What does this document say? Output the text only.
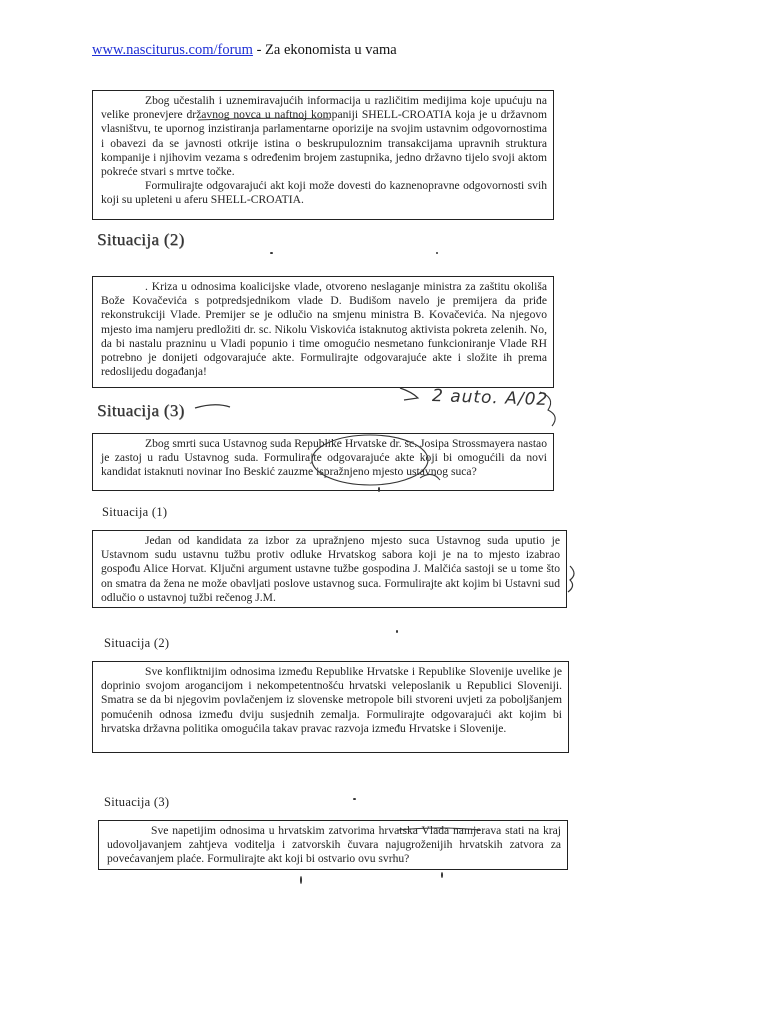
www.nasciturus.com/forum - Za ekonomista u vama

Zbog učestalih i uznemiravajućih informacija u različitim medijima koje upućuju na velike pronevjere državnog novca u naftnoj kompaniji SHELL-CROATIA koja je u državnom vlasništvu, te upornog inzistiranja parlamentarne oporizije na svojim ustavnim odgovornostima i obavezi da se javnosti otkrije istina o beskrupuloznim transakcijama upravnih struktura kompanije i njihovim vezama s određenim brojem zastupnika, jedno državno tijelo svoji aktom pokreće stvari s mrtve točke.

Formulirajte odgovarajući akt koji može dovesti do kaznenopravne odgovornosti svih koji su upleteni u aferu SHELL-CROATIA.

Situacija (2)

. Kriza u odnosima koalicijske vlade, otvoreno neslaganje ministra za zaštitu okoliša Bože Kovačevića s potpredsjednikom vlade D. Budišom navelo je premijera da priđe rekonstrukciji Vlade. Premijer se je odlučio na smjenu ministra B. Kovačevića. Na njegovo mjesto ima namjeru predložiti dr. sc. Nikolu Viskovića istaknutog aktivista pokreta zelenih. No, da bi nastalu prazninu u Vladi popunio i time omogućio nesmetano funkcioniranje Vlade RH potrebno je donijeti odgovarajuće akte. Formulirajte odgovarajuće akte i složite ih prema redoslijedu događanja!

2 auto. A/02
Situacija (3)

Zbog smrti suca Ustavnog suda Republike Hrvatske dr. sc. Josipa Strossmayera nastao je zastoj u radu Ustavnog suda. Formulirajte odgovarajuće akte koji bi omogućili da novi kandidat istaknuti novinar Ino Beskić zauzme ispražnjeno mjesto ustavnog suca?

Situacija (1)

Jedan od kandidata za izbor za upražnjeno mjesto suca Ustavnog suda uputio je Ustavnom sudu ustavnu tužbu protiv odluke Hrvatskog sabora koji je na to mjesto izabrao gospođu Alice Horvat. Ključni argument ustavne tužbe gospodina J. Malčića sastoji se u tome što on smatra da žena ne može obavljati poslove ustavnog suca. Formulirajte akt kojim bi Ustavni sud odlučio o ustavnoj tužbi rečenog J.M.

Situacija (2)

Sve konfliktnijim odnosima između Republike Hrvatske i Republike Slovenije uvelike je doprinio svojom arogancijom i nekompetentnošću hrvatski veleposlanik u Republici Sloveniji. Smatra se da bi njegovim povlačenjem iz slovenske metropole bili stvoreni uvjeti za poboljšanjem pomućenih odnosa između dviju susjednih zemalja. Formulirajte odgovarajući akt kojim bi hrvatska državna politika omogućila takav pravac razvoja između Hrvatske i Slovenije.

Situacija (3)

Sve napetijim odnosima u hrvatskim zatvorima hrvatska Vlada namjerava stati na kraj udovoljavanjem zahtjeva voditelja i zatvorskih čuvara najugroženijih hrvatskih zatvora za povećavanjem plaće. Formulirajte akt koji bi ostvario ovu svrhu?
